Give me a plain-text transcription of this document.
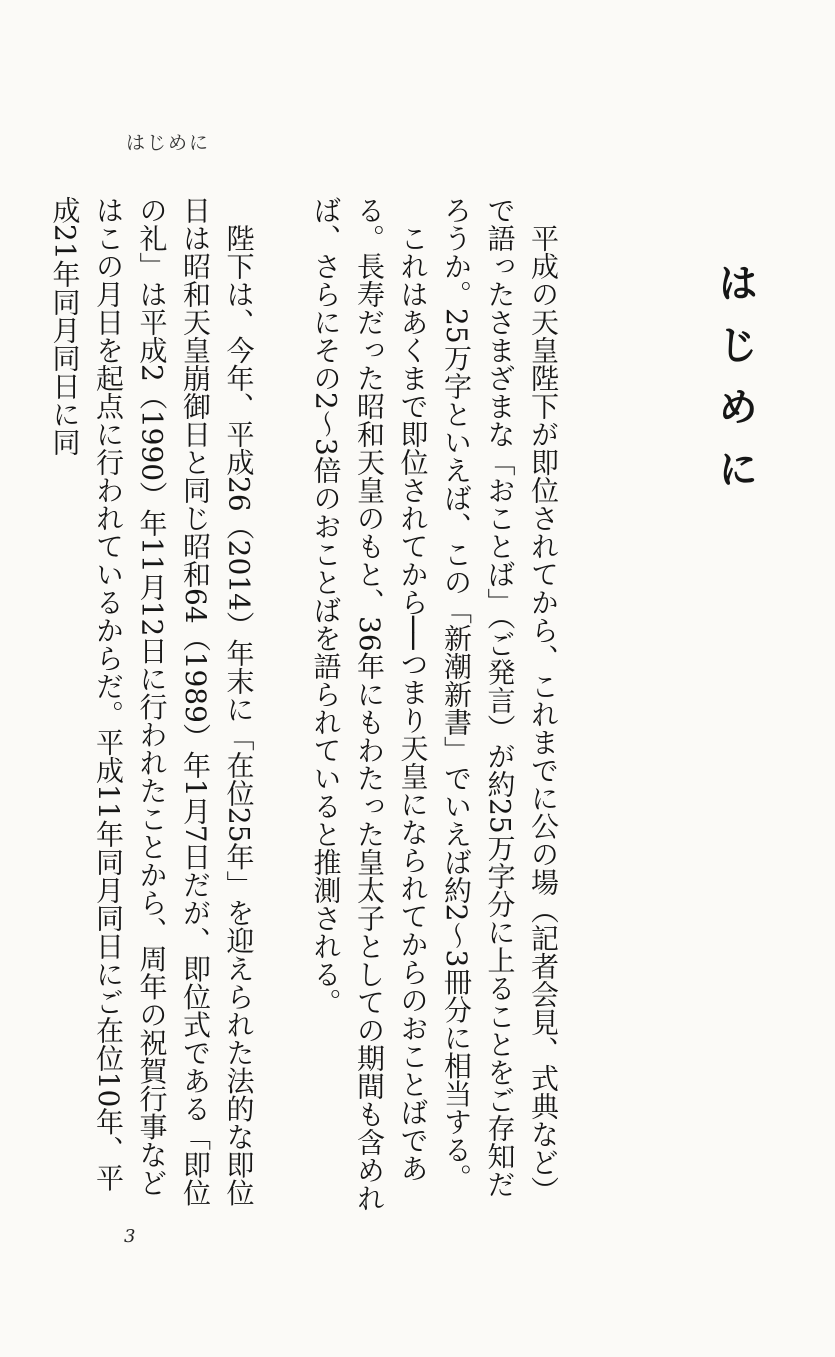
はじめに
はじめに

平成の天皇陛下が即位されてから、これまでに公の場（記者会見、式典など）で語ったさまざまな「おことば」（ご発言）が約25万字分に上ることをご存知だろうか。25万字といえば、この「新潮新書」でいえば約2〜3冊分に相当する。

これはあくまで即位されてから──つまり天皇になられてからのおことばである。長寿だった昭和天皇のもと、36年にもわたった皇太子としての期間も含めれば、さらにその2〜3倍のおことばを語られていると推測される。

陛下は、今年、平成26（2014）年末に「在位25年」を迎えられた法的な即位日は昭和天皇崩御日と同じ昭和64（1989）年1月7日だが、即位式である「即位の礼」は平成2（1990）年11月12日に行われたことから、周年の祝賀行事などはこの月日を起点に行われているからだ。平成11年同月同日にご在位10年、平成21年同月同日に同

3
